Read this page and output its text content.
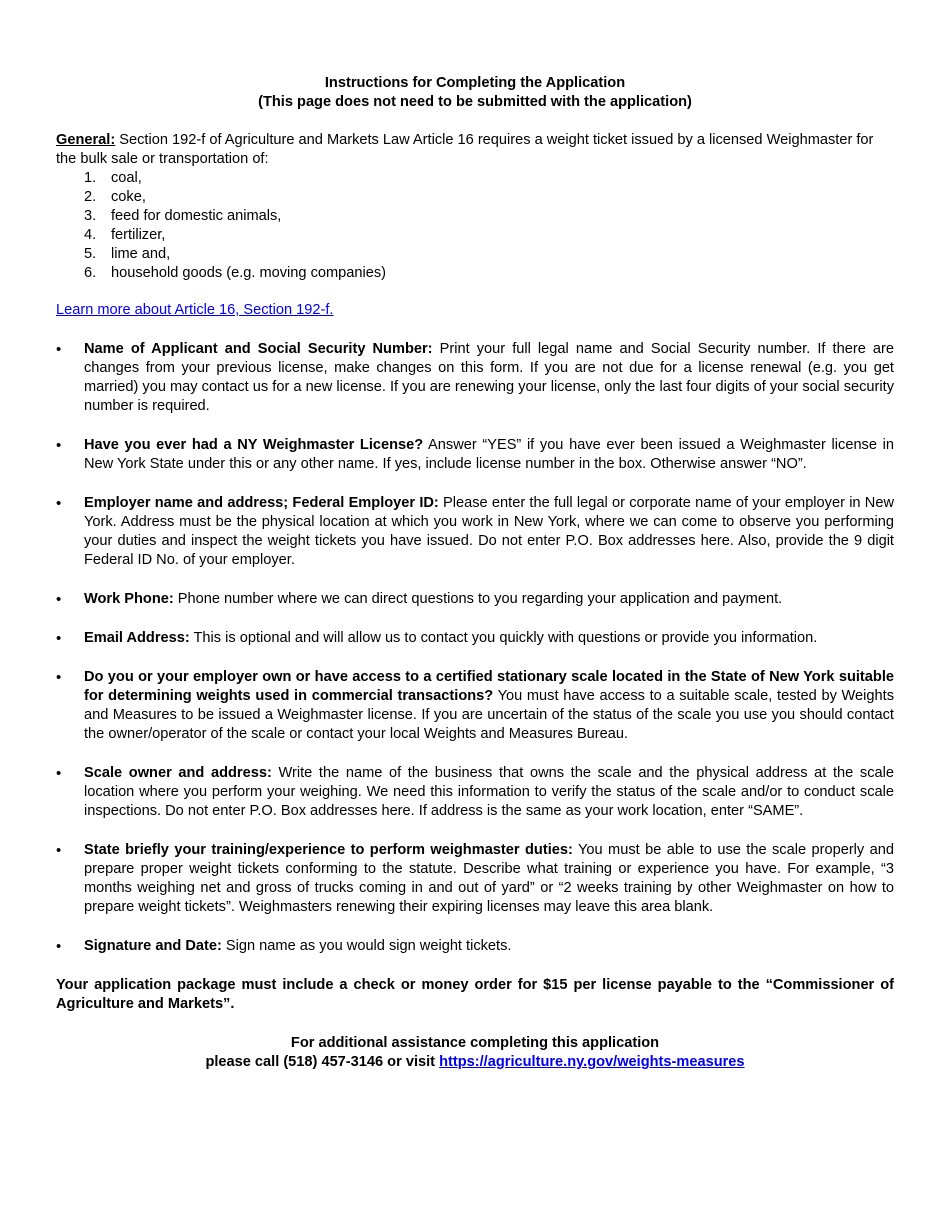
Instructions for Completing the Application

(This page does not need to be submitted with the application)

General: Section 192-f of Agriculture and Markets Law Article 16 requires a weight ticket issued by a licensed Weighmaster for the bulk sale or transportation of:
1.	coal,
2.	coke,
3.	feed for domestic animals,
4.	fertilizer,
5.	lime and,
6.	household goods (e.g. moving companies)
Learn more about Article 16, Section 192-f.
•	Name of Applicant and Social Security Number: Print your full legal name and Social Security number. If there are changes from your previous license, make changes on this form. If you are not due for a license renewal (e.g. you get married) you may contact us for a new license. If you are renewing your license, only the last four digits of your social security number is required.
•	Have you ever had a NY Weighmaster License? Answer “YES” if you have ever been issued a Weighmaster license in New York State under this or any other name. If yes, include license number in the box. Otherwise answer “NO”.
•	Employer name and address; Federal Employer ID: Please enter the full legal or corporate name of your employer in New York. Address must be the physical location at which you work in New York, where we can come to observe you performing your duties and inspect the weight tickets you have issued. Do not enter P.O. Box addresses here. Also, provide the 9 digit Federal ID No. of your employer.
•	Work Phone: Phone number where we can direct questions to you regarding your application and payment.
•	Email Address: This is optional and will allow us to contact you quickly with questions or provide you information.
•	Do you or your employer own or have access to a certified stationary scale located in the State of New York suitable for determining weights used in commercial transactions? You must have access to a suitable scale, tested by Weights and Measures to be issued a Weighmaster license. If you are uncertain of the status of the scale you use you should contact the owner/operator of the scale or contact your local Weights and Measures Bureau.
•	Scale owner and address: Write the name of the business that owns the scale and the physical address at the scale location where you perform your weighing. We need this information to verify the status of the scale and/or to conduct scale inspections. Do not enter P.O. Box addresses here. If address is the same as your work location, enter “SAME”.
•	State briefly your training/experience to perform weighmaster duties: You must be able to use the scale properly and prepare proper weight tickets conforming to the statute. Describe what training or experience you have. For example, “3 months weighing net and gross of trucks coming in and out of yard” or “2 weeks training by other Weighmaster on how to prepare weight tickets”. Weighmasters renewing their expiring licenses may leave this area blank.
•	Signature and Date: Sign name as you would sign weight tickets.
Your application package must include a check or money order for $15 per license payable to the “Commissioner of Agriculture and Markets”.
For additional assistance completing this application
please call (518) 457-3146 or visit https://agriculture.ny.gov/weights-measures
